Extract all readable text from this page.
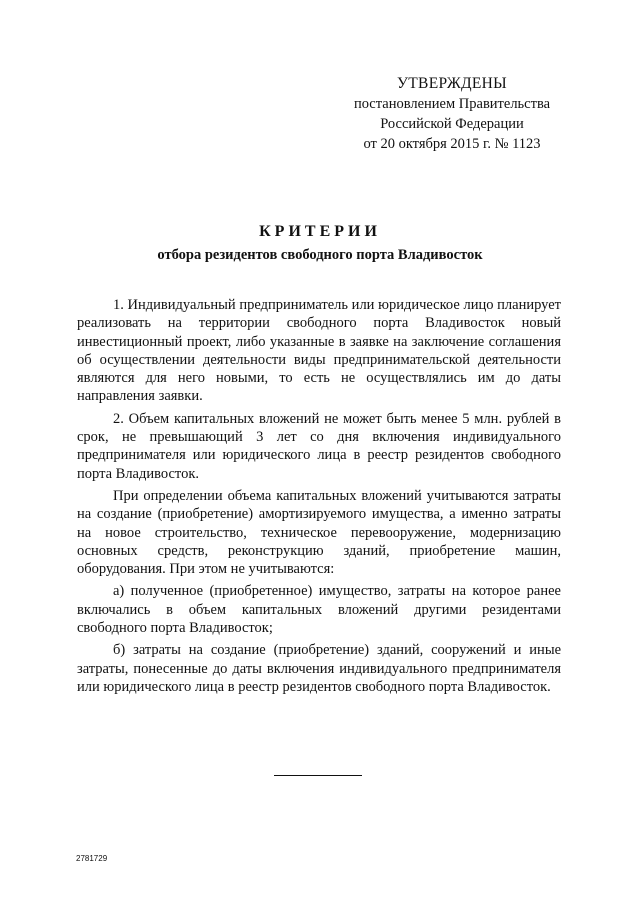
УТВЕРЖДЕНЫ
постановлением Правительства
Российской Федерации
от 20 октября 2015 г. № 1123
КРИТЕРИИ
отбора резидентов свободного порта Владивосток

1. Индивидуальный предприниматель или юридическое лицо планирует реализовать на территории свободного порта Владивосток новый инвестиционный проект, либо указанные в заявке на заключение соглашения об осуществлении деятельности виды предпринимательской деятельности являются для него новыми, то есть не осуществлялись им до даты направления заявки.

2. Объем капитальных вложений не может быть менее 5 млн. рублей в срок, не превышающий 3 лет со дня включения индивидуального предпринимателя или юридического лица в реестр резидентов свободного порта Владивосток.

При определении объема капитальных вложений учитываются затраты на создание (приобретение) амортизируемого имущества, а именно затраты на новое строительство, техническое перевооружение, модернизацию основных средств, реконструкцию зданий, приобретение машин, оборудования. При этом не учитываются:

а) полученное (приобретенное) имущество, затраты на которое ранее включались в объем капитальных вложений другими резидентами свободного порта Владивосток;

б) затраты на создание (приобретение) зданий, сооружений и иные затраты, понесенные до даты включения индивидуального предпринимателя или юридического лица в реестр резидентов свободного порта Владивосток.

2781729
